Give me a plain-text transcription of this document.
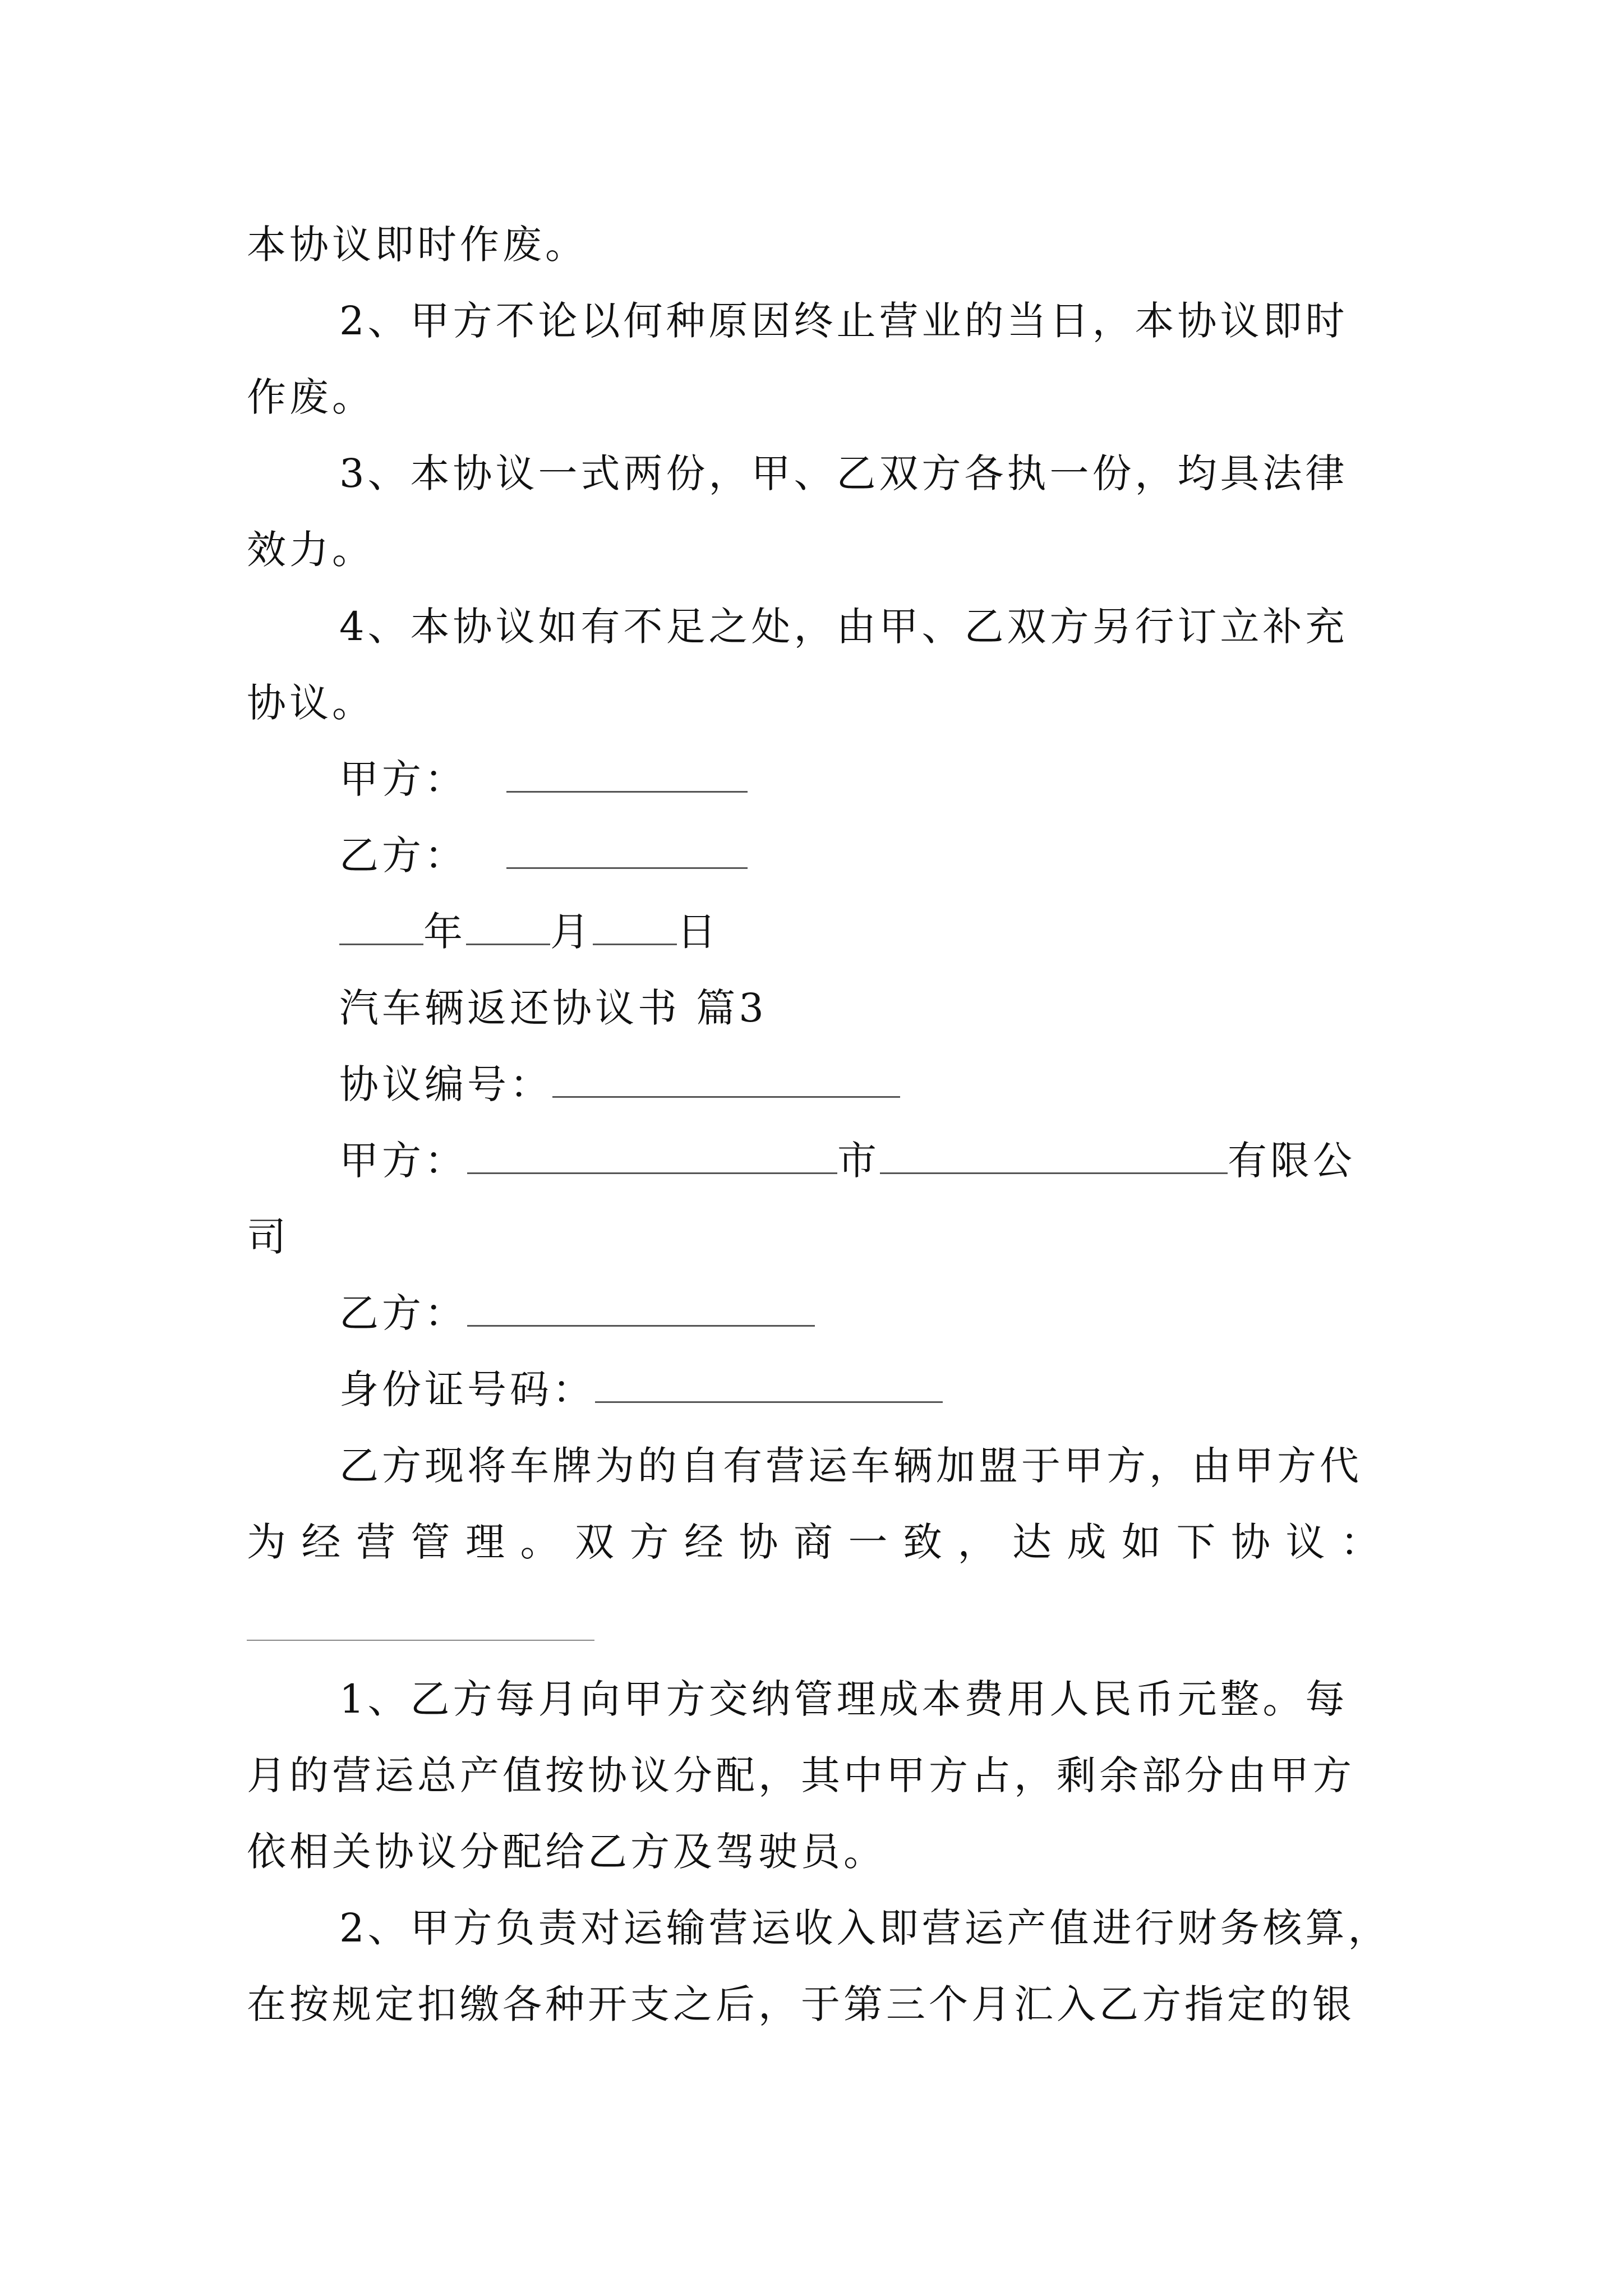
本协议即时作废。
2、甲方不论以何种原因终止营业的当日，本协议即时
作废。
3、本协议一式两份，甲、乙双方各执一份，均具法律
效力。
4、本协议如有不足之处，由甲、乙双方另行订立补充
协议。
甲方：
乙方：
年 月 日
汽车辆返还协议书 篇3
协议编号：
甲方：	市	有限公
司
乙方：
身份证号码：
乙方现将车牌为的自有营运车辆加盟于甲方，由甲方代
为经营管理。双方经协商一致，达成如下协议：
1、乙方每月向甲方交纳管理成本费用人民币元整。每
月的营运总产值按协议分配，其中甲方占，剩余部分由甲方
依相关协议分配给乙方及驾驶员。
2、甲方负责对运输营运收入即营运产值进行财务核算，
在按规定扣缴各种开支之后，于第三个月汇入乙方指定的银
